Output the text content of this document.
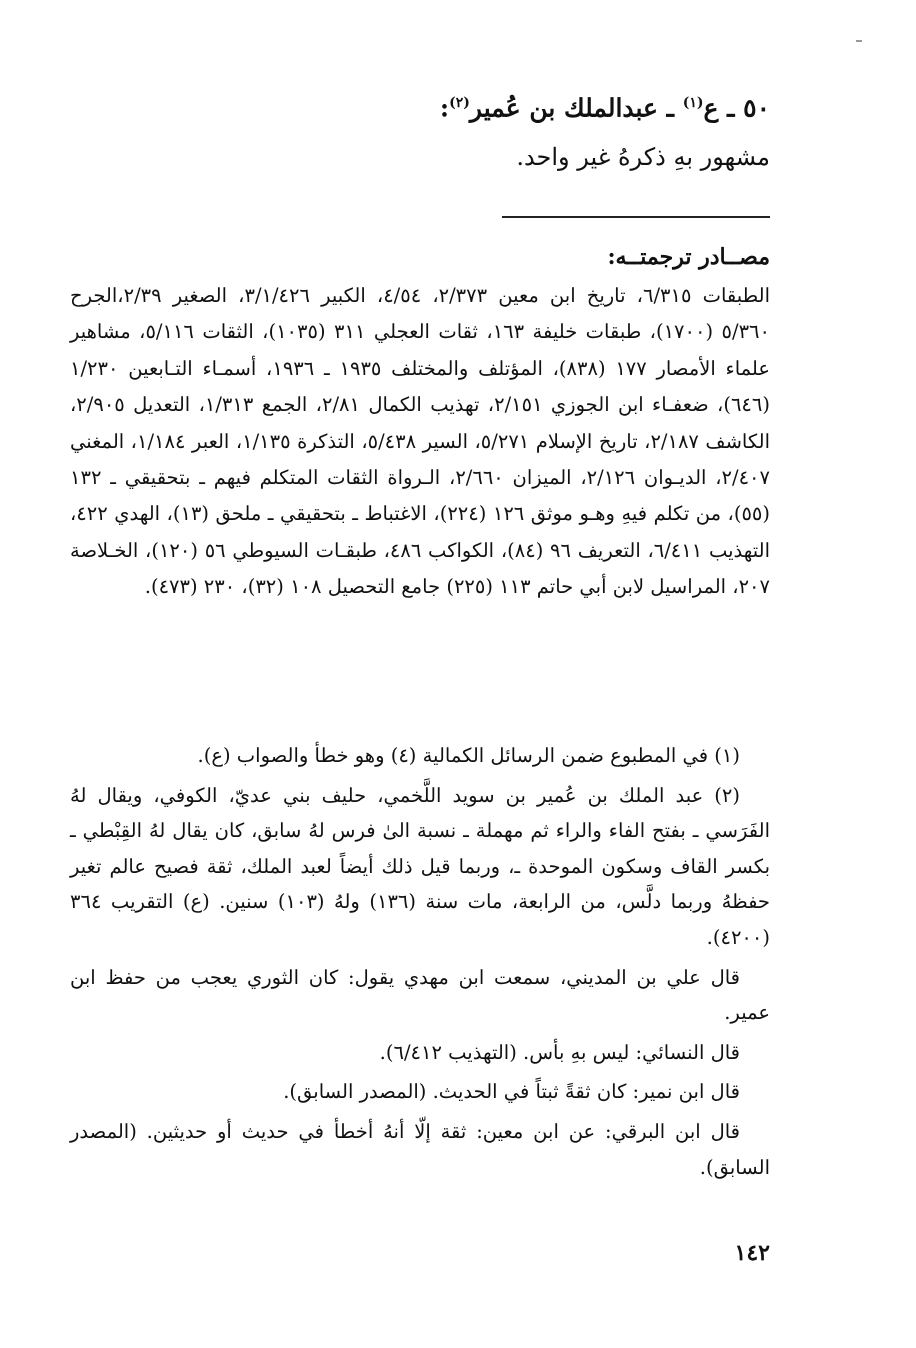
٥٠ ـ ع$^{(١)}$ ـ عبدالملك بن عُمير$^{(٢)}$:
مشهور بهِ ذكرهُ غير واحد.
مصــادر ترجمتــه:
الطبقات ٦/٣١٥، تاريخ ابن معين ٢/٣٧٣، ٤/٥٤، الكبير ٣/١/٤٢٦، الصغير ٢/٣٩،الجرح ٥/٣٦٠ (١٧٠٠)، طبقات خليفة ١٦٣، ثقات العجلي ٣١١ (١٠٣٥)، الثقات ٥/١١٦، مشاهير علماء الأمصار ١٧٧ (٨٣٨)، المؤتلف والمختلف ١٩٣٥ ـ ١٩٣٦، أسمـاء التـابعين ١/٢٣٠ (٦٤٦)، ضعفـاء ابن الجوزي ٢/١٥١، تهذيب الكمال ٢/٨١، الجمع ١/٣١٣، التعديل ٢/٩٠٥، الكاشف ٢/١٨٧، تاريخ الإسلام ٥/٢٧١، السير ٥/٤٣٨، التذكرة ١/١٣٥، العبر ١/١٨٤، المغني ٢/٤٠٧، الديـوان ٢/١٢٦، الميزان ٢/٦٦٠، الـرواة الثقات المتكلم فيهم ـ بتحقيقي ـ ١٣٢ (٥٥)، من تكلم فيهِ وهـو موثق ١٢٦ (٢٢٤)، الاغتباط ـ بتحقيقي ـ ملحق (١٣)، الهدي ٤٢٢، التهذيب ٦/٤١١، التعريف ٩٦ (٨٤)، الكواكب ٤٨٦، طبقـات السيوطي ٥٦ (١٢٠)، الخـلاصة ٢٠٧، المراسيل لابن أبي حاتم ١١٣ (٢٢٥) جامع التحصيل ١٠٨ (٣٢)، ٢٣٠ (٤٧٣).

(١) في المطبوع ضمن الرسائل الكمالية (٤) وهو خطأ والصواب (ع).

(٢) عبد الملك بن عُمير بن سويد اللَّخمي، حليف بني عديّ، الكوفي، ويقال لهُ الفَرَسي ـ بفتح الفاء والراء ثم مهملة ـ نسبة الىٰ فرس لهُ سابق، كان يقال لهُ القِبْطي ـ بكسر القاف وسكون الموحدة ـ، وربما قيل ذلك أيضاً لعبد الملك، ثقة فصيح عالم تغير حفظهُ وربما دلَّس، من الرابعة، مات سنة (١٣٦) ولهُ (١٠٣) سنين. (ع) التقريب ٣٦٤ (٤٢٠٠).

قال علي بن المديني، سمعت ابن مهدي يقول: كان الثوري يعجب من حفظ ابن عمير.

قال النسائي: ليس بهِ بأس. (التهذيب ٦/٤١٢).

قال ابن نمير: كان ثقةً ثبتاً في الحديث. (المصدر السابق).

قال ابن البرقي: عن ابن معين: ثقة إلّا أنهُ أخطأ في حديث أو حديثين. (المصدر السابق).

١٤٢
